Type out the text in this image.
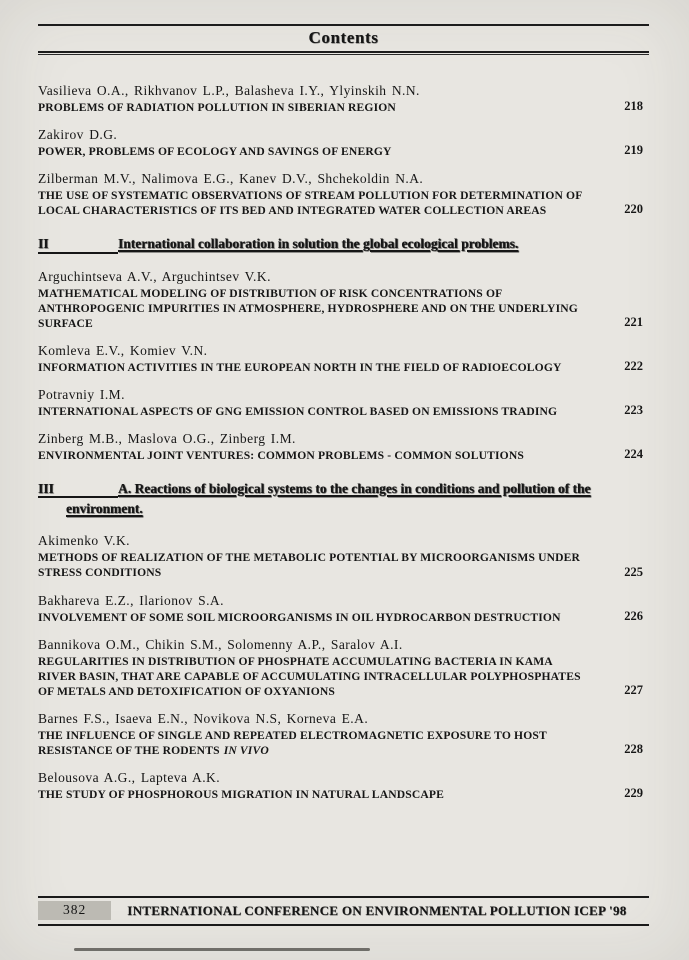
Contents
Vasilieva O.A., Rikhvanov L.P., Balasheva I.Y., Ylyinskih N.N.
PROBLEMS OF RADIATION POLLUTION IN SIBERIAN REGION	218
Zakirov D.G.
POWER, PROBLEMS OF ECOLOGY AND SAVINGS OF ENERGY	219
Zilberman M.V., Nalimova E.G., Kanev D.V., Shchekoldin N.A.
THE USE OF SYSTEMATIC OBSERVATIONS OF STREAM POLLUTION FOR DETERMINATION OF LOCAL CHARACTERISTICS OF ITS BED AND INTEGRATED WATER COLLECTION AREAS	220
II	International collaboration in solution the global ecological problems.
Arguchintseva A.V., Arguchintsev V.K.
MATHEMATICAL MODELING OF DISTRIBUTION OF RISK CONCENTRATIONS OF ANTHROPOGENIC IMPURITIES IN ATMOSPHERE, HYDROSPHERE AND ON THE UNDERLYING SURFACE	221
Komleva E.V., Komiev V.N.
INFORMATION ACTIVITIES IN THE EUROPEAN NORTH IN THE FIELD OF RADIOECOLOGY	222
Potravniy I.M.
INTERNATIONAL ASPECTS OF GNG EMISSION CONTROL BASED ON EMISSIONS TRADING	223
Zinberg M.B., Maslova O.G., Zinberg I.M.
ENVIRONMENTAL JOINT VENTURES: COMMON PROBLEMS - COMMON SOLUTIONS	224
III	A. Reactions of biological systems to the changes in conditions and pollution of the environment.
Akimenko V.K.
METHODS OF REALIZATION OF THE METABOLIC POTENTIAL BY MICROORGANISMS UNDER STRESS CONDITIONS	225
Bakhareva E.Z., Ilarionov S.A.
INVOLVEMENT OF SOME SOIL MICROORGANISMS IN OIL HYDROCARBON DESTRUCTION	226
Bannikova O.M., Chikin S.M., Solomenny A.P., Saralov A.I.
REGULARITIES IN DISTRIBUTION OF PHOSPHATE ACCUMULATING BACTERIA IN KAMA RIVER BASIN, THAT ARE CAPABLE OF ACCUMULATING INTRACELLULAR POLYPHOSPHATES OF METALS AND DETOXIFICATION OF OXYANIONS	227
Barnes F.S., Isaeva E.N., Novikova N.S, Korneva E.A.
THE INFLUENCE OF SINGLE AND REPEATED ELECTROMAGNETIC EXPOSURE TO HOST RESISTANCE OF THE RODENTS IN VIVO	228
Belousova A.G., Lapteva A.K.
THE STUDY OF PHOSPHOROUS MIGRATION IN NATURAL LANDSCAPE	229
382	INTERNATIONAL CONFERENCE ON ENVIRONMENTAL POLLUTION ICEP '98
